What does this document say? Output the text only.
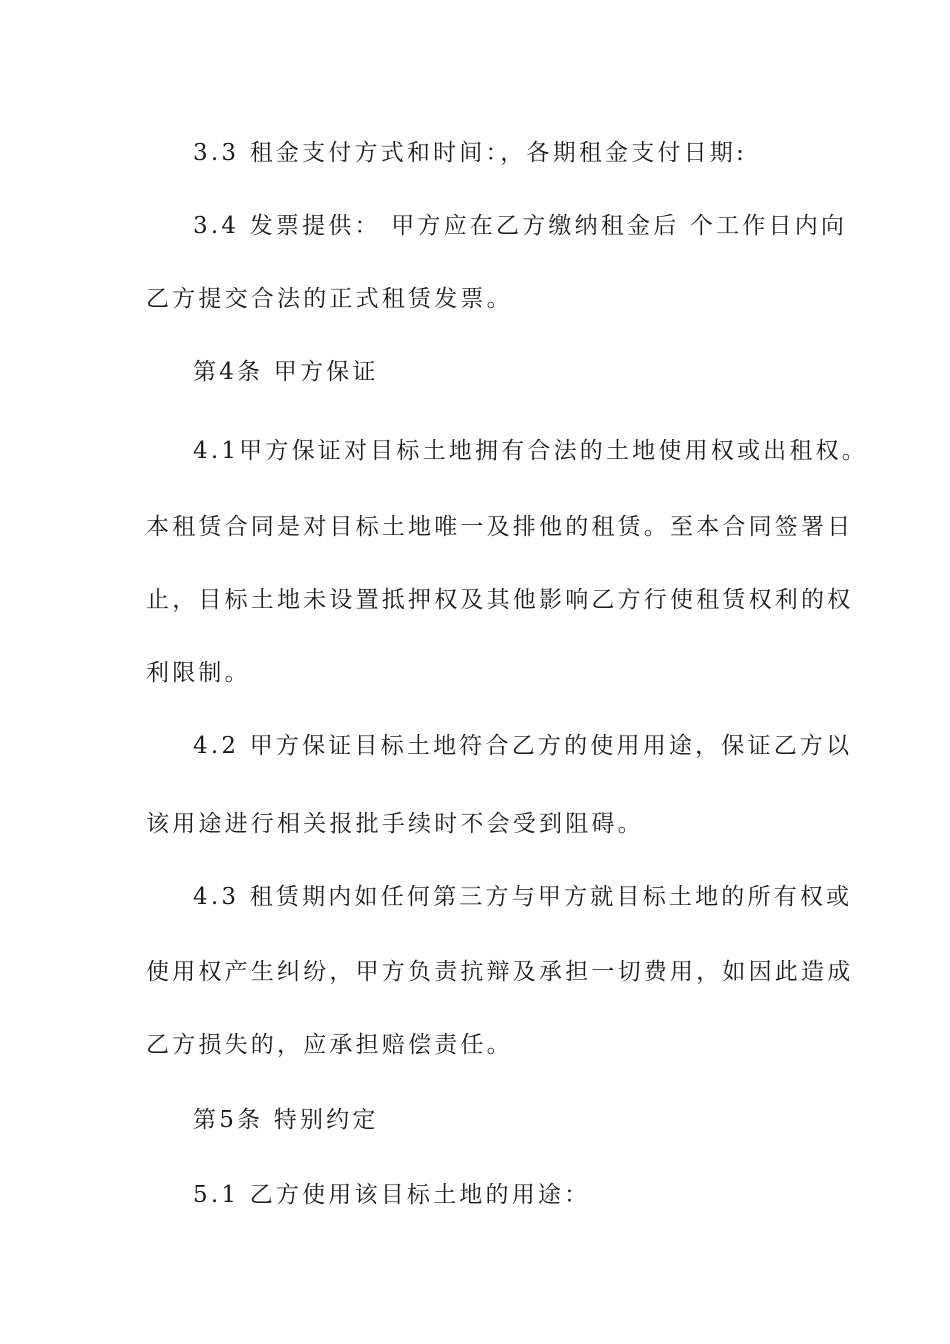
3.3 租金支付方式和时间：，各期租金支付日期:
3.4 发票提供： 甲方应在乙方缴纳租金后 个工作日内向
乙方提交合法的正式租赁发票。
第4条 甲方保证
4.1甲方保证对目标土地拥有合法的土地使用权或出租权。
本租赁合同是对目标土地唯一及排他的租赁。至本合同签署日
止，目标土地未设置抵押权及其他影响乙方行使租赁权利的权
利限制。
4.2 甲方保证目标土地符合乙方的使用用途，保证乙方以
该用途进行相关报批手续时不会受到阻碍。
4.3 租赁期内如任何第三方与甲方就目标土地的所有权或
使用权产生纠纷，甲方负责抗辩及承担一切费用，如因此造成
乙方损失的，应承担赔偿责任。
第5条 特别约定
5.1 乙方使用该目标土地的用途：
